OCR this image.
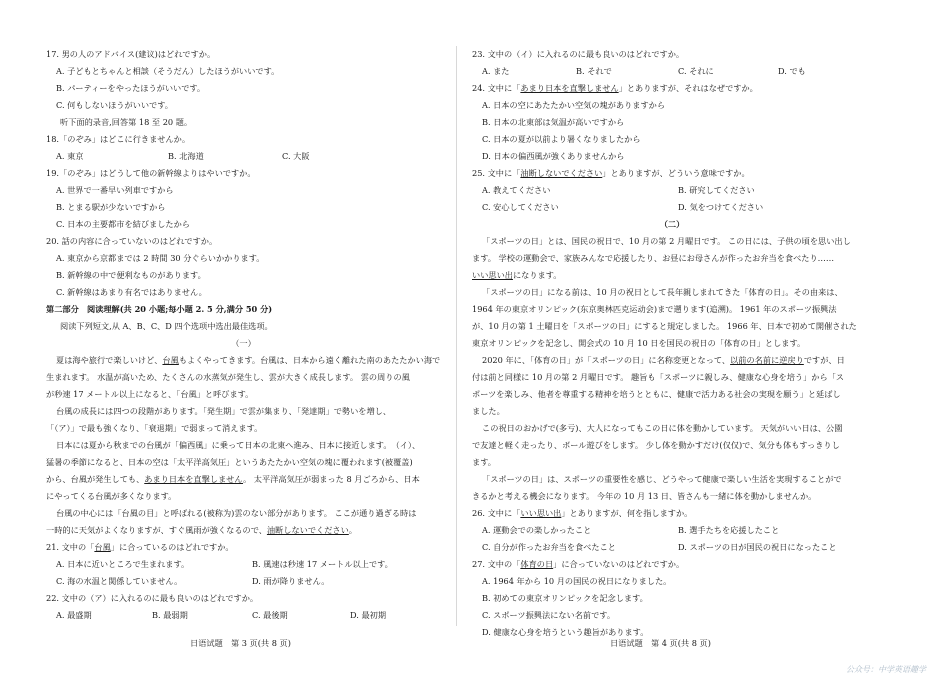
17. 男の人のアドバイス(建议)はどれですか。
A. 子どもとちゃんと相談（そうだん）したほうがいいです。
B. パーティーをやったほうがいいです。
C. 何もしないほうがいいです。
听下面的录音,回答第 18 至 20 题。
18.「のぞみ」はどこに行きませんか。
A. 東京	B. 北海道	C. 大阪
19.「のぞみ」はどうして他の新幹線よりはやいですか。
A. 世界で一番早い列車ですから
B. とまる駅が少ないですから
C. 日本の主要都市を結びましたから
20. 話の内容に合っていないのはどれですか。
A. 東京から京都までは 2 時間 30 分ぐらいかかります。
B. 新幹線の中で便利なものがあります。
C. 新幹線はあまり有名ではありません。
第二部分　阅读理解(共 20 小题;每小题 2. 5 分,满分 50 分)
阅读下列短文,从 A、B、C、D 四个选项中选出最佳选项。
（一）
夏は海や旅行で楽しいけど、台風もよくやってきます。台風は、日本から遠く離れた南のあたたかい海で
生まれます。 水温が高いため、たくさんの水蒸気が発生し、雲が大きく成長します。 雲の周りの風
が秒速 17 メートル以上になると、「台風」と呼びます。
台風の成長には四つの段階があります。「発生期」で雲が集まり、「発達期」で勢いを増し、
「（ア）」で最も強くなり、「衰退期」で弱まって消えます。
日本には夏から秋までの台風が「偏西風」に乗って日本の北東へ進み、日本に接近します。　（イ）、
猛暑の季節になると、日本の空は「太平洋高気圧」というあたたかい空気の塊に覆われます(被覆盖)
から、台風が発生しても、あまり日本を直撃しません。 太平洋高気圧が弱まった 8 月ごろから、日本
にやってくる台風が多くなります。
台風の中心には「台風の目」と呼ばれる(被称为)雲のない部分があります。 ここが通り過ぎる時は
一時的に天気がよくなりますが、すぐ風雨が強くなるので、油断しないでください。
21. 文中の「台風」に合っているのはどれですか。
A. 日本に近いところで生まれます。	B. 風速は秒速 17 メートル以上です。
C. 海の水温と関係していません。	D. 雨が降りません。
22. 文中の（ア）に入れるのに最も良いのはどれですか。
A. 最盛期	B. 最弱期	C. 最後期	D. 最初期
23. 文中の（イ）に入れるのに最も良いのはどれですか。
A. また	B. それで	C. それに	D. でも
24. 文中に「あまり日本を直撃しません」とありますが、それはなぜですか。
A. 日本の空にあたたかい空気の塊がありますから
B. 日本の北東部は気温が高いですから
C. 日本の夏が以前より暑くなりましたから
D. 日本の偏西風が強くありませんから
25. 文中に「油断しないでください」とありますが、どういう意味ですか。
A. 教えてください	B. 研究してください
C. 安心してください	D. 気をつけてください
（二）
「スポーツの日」とは、国民の祝日で、10 月の第 2 月曜日です。 この日には、子供の頃を思い出し
ます。 学校の運動会で、家族みんなで応援したり、お昼にお母さんが作ったお弁当を食べたり……
いい思い出になります。
「スポーツの日」になる前は、10 月の祝日として長年親しまれてきた「体育の日」。その由来は、
1964 年の東京オリンピック(东京奥林匹克运动会)まで遡ります(追溯)。 1961 年のスポーツ振興法
が、10 月の第 1 土曜日を「スポーツの日」にすると規定しました。 1966 年、日本で初めて開催された
東京オリンピックを記念し、開会式の 10 月 10 日を国民の祝日の「体育の日」とします。
2020 年に、「体育の日」が「スポーツの日」に名称変更となって、以前の名前に逆戻りですが、日
付は前と同様に 10 月の第 2 月曜日です。 趣旨も「スポーツに親しみ、健康な心身を培う」から「ス
ポーツを楽しみ、他者を尊重する精神を培うとともに、健康で活力ある社会の実現を願う」と延ばし
ました。
この祝日のおかげで(多亏)、大人になってもこの日に体を動かしています。 天気がいい日は、公園
で友達と軽く走ったり、ボール遊びをします。 少し体を動かすだけ(仅仅)で、気分も体もすっきりし
ます。
「スポーツの日」は、スポーツの重要性を感じ、どうやって健康で楽しい生活を実現することがで
きるかと考える機会になります。 今年の 10 月 13 日、皆さんも一緒に体を動かしませんか。
26. 文中に「いい思い出」とありますが、何を指しますか。
A. 運動会での楽しかったこと	B. 選手たちを応援したこと
C. 自分が作ったお弁当を食べたこと	D. スポーツの日が国民の祝日になったこと
27. 文中の「体育の日」に合っていないのはどれですか。
A. 1964 年から 10 月の国民の祝日になりました。
B. 初めての東京オリンピックを記念します。
C. スポーツ振興法にない名前です。
D. 健康な心身を培うという趣旨があります。
日语试题　第 3 页(共 8 页)	日语试题　第 4 页(共 8 页)
公众号：中学英语趣学
